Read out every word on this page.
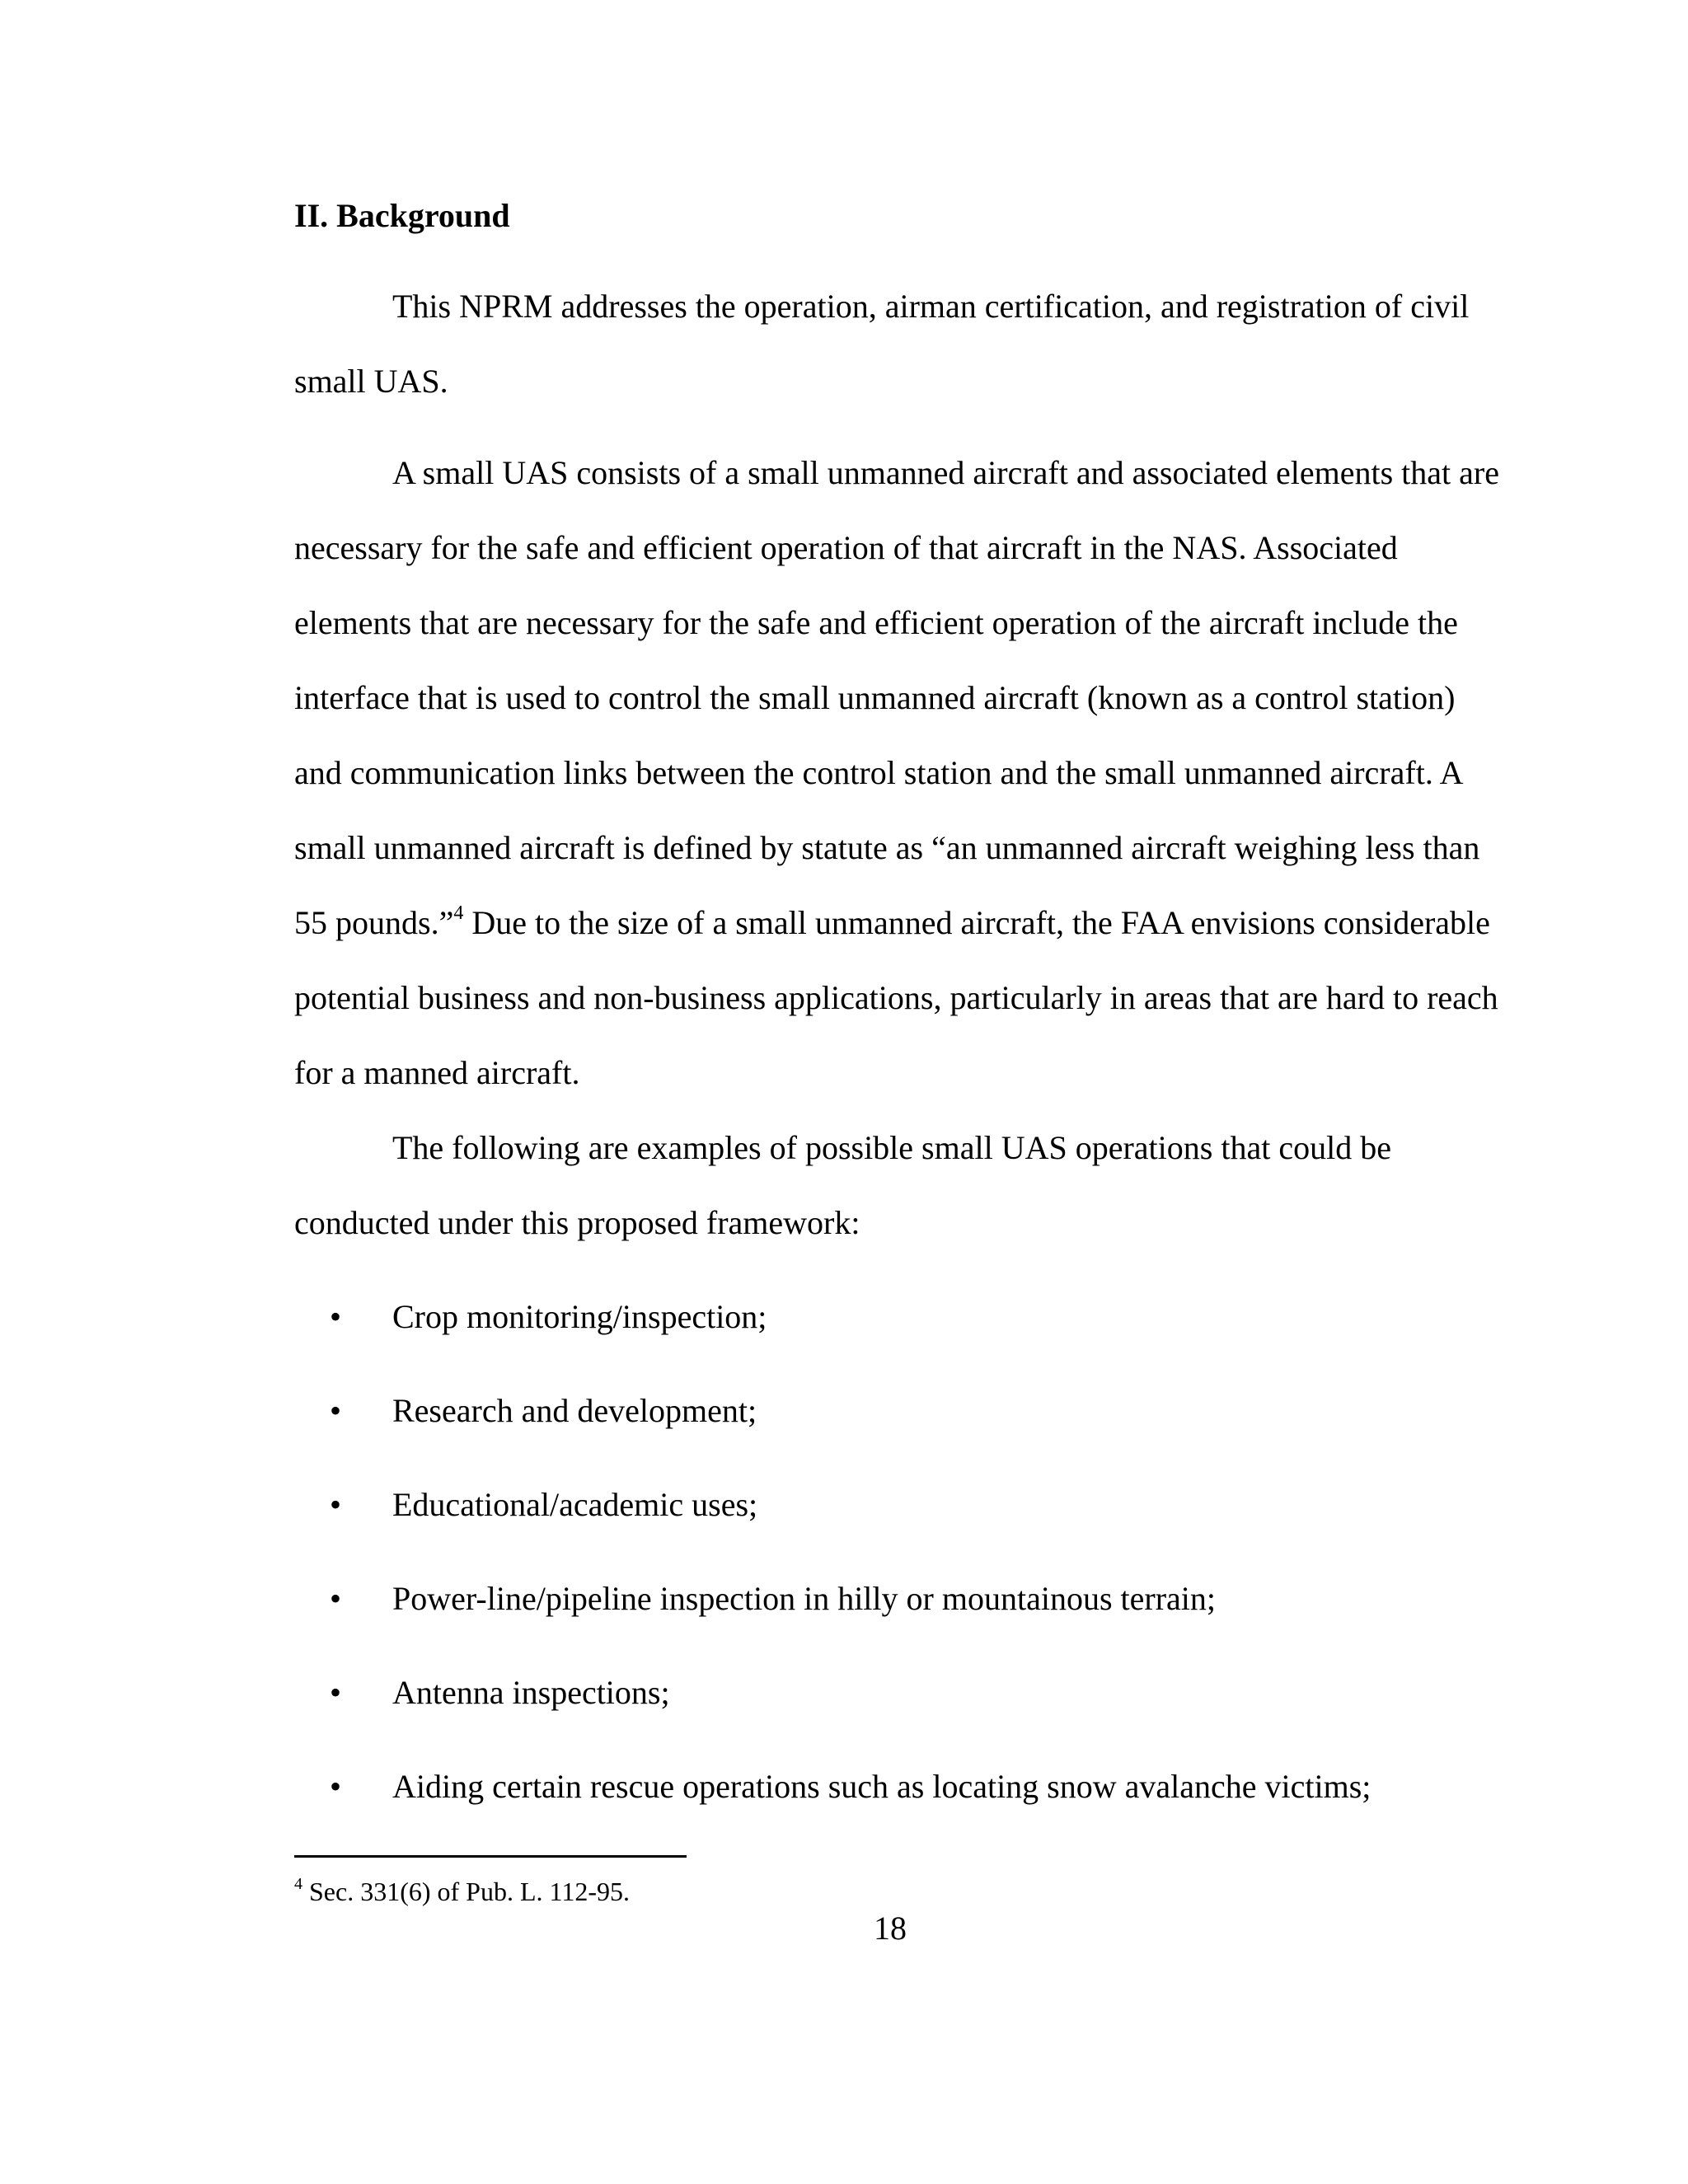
II. Background
This NPRM addresses the operation, airman certification, and registration of civil
small UAS.
A small UAS consists of a small unmanned aircraft and associated elements that are
necessary for the safe and efficient operation of that aircraft in the NAS. Associated
elements that are necessary for the safe and efficient operation of the aircraft include the
interface that is used to control the small unmanned aircraft (known as a control station)
and communication links between the control station and the small unmanned aircraft. A
small unmanned aircraft is defined by statute as “an unmanned aircraft weighing less than
55 pounds.”$^4$ Due to the size of a small unmanned aircraft, the FAA envisions considerable
potential business and non-business applications, particularly in areas that are hard to reach
for a manned aircraft.
The following are examples of possible small UAS operations that could be
conducted under this proposed framework:
•	Crop monitoring/inspection;
•	Research and development;
•	Educational/academic uses;
•	Power-line/pipeline inspection in hilly or mountainous terrain;
•	Antenna inspections;
•	Aiding certain rescue operations such as locating snow avalanche victims;
$^4$ Sec. 331(6) of Pub. L. 112-95.
18
